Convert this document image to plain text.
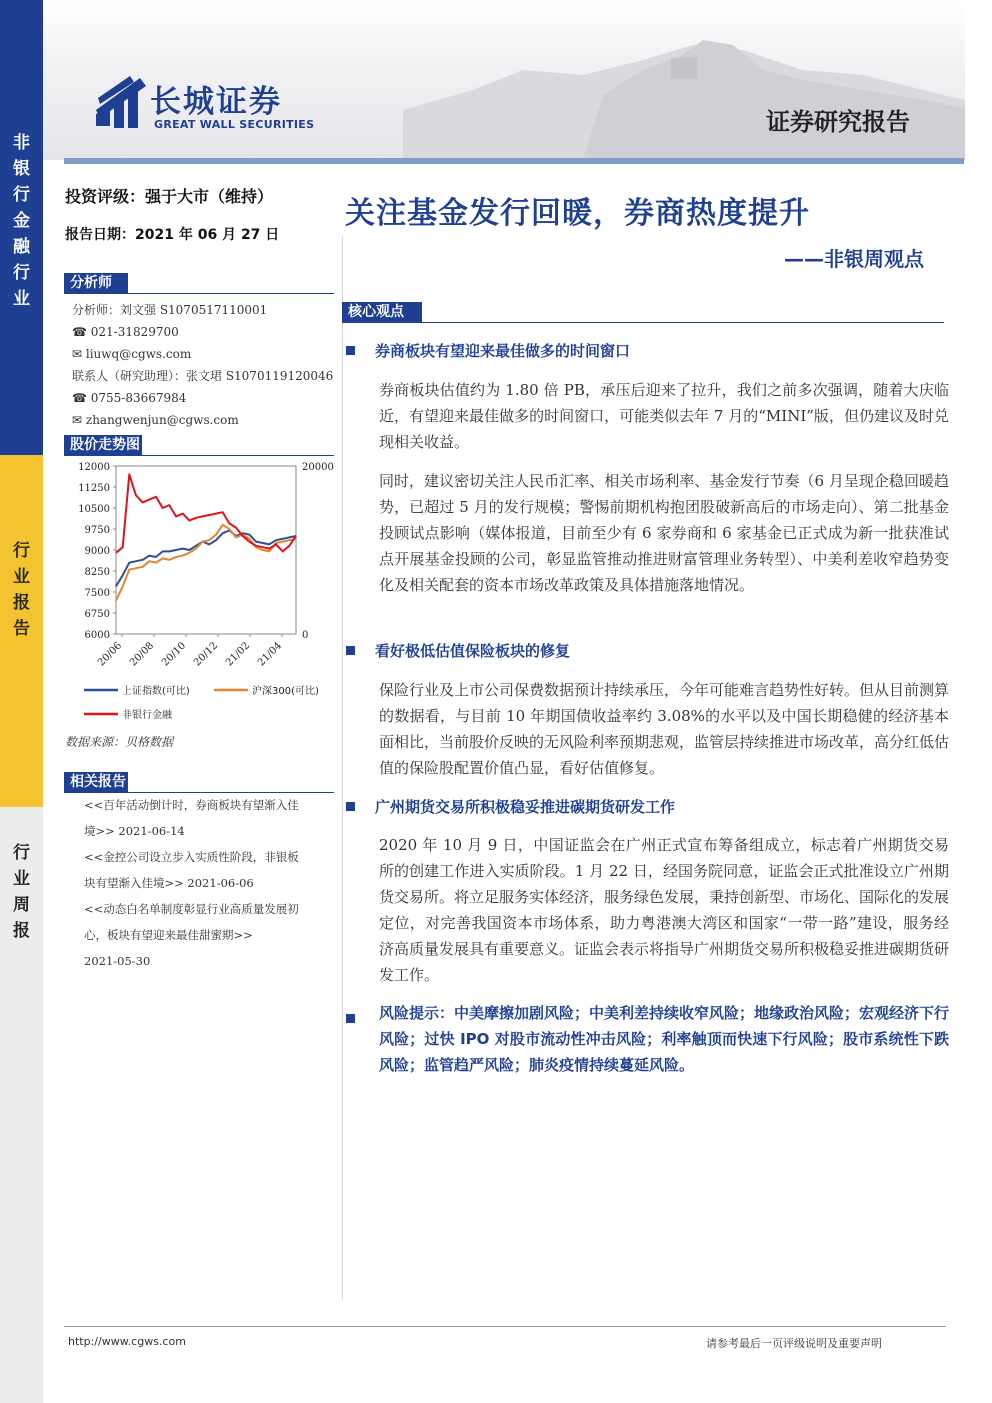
非
银
行
金
融
行
业
行
业
报
告
行
业
周
报
长城证券
GREAT WALL SECURITIES	证券研究报告
投资评级：强于大市（维持）
报告日期：2021 年 06 月 27 日
分析师
分析师：刘文强 S1070517110001
☎ 021-31829700
✉ liuwq@cgws.com
联系人（研究助理）：张文珺 S1070119120046
☎ 0755-83667984
✉ zhangwenjun@cgws.com
股价走势图
12000
11250
10500
9750
9000
8250
7500
6750
6000
20000
0
20/06 20/08 20/10 20/12 21/02 21/04
上证指数(可比)	沪深300(可比)
非银行金融
数据来源：贝格数据
相关报告
<<百年活动倒计时，券商板块有望渐入佳
境>> 2021-06-14
<<金控公司设立步入实质性阶段，非银板
块有望渐入佳境>> 2021-06-06
<<动态白名单制度彰显行业高质量发展初
心，板块有望迎来最佳甜蜜期>>
2021-05-30
关注基金发行回暖，券商热度提升
——非银周观点
核心观点
券商板块有望迎来最佳做多的时间窗口
券商板块估值约为 1.80 倍 PB，承压后迎来了拉升，我们之前多次强调，随着大庆临近，有望迎来最佳做多的时间窗口，可能类似去年 7 月的“MINI”版，但仍建议及时兑现相关收益。
同时，建议密切关注人民币汇率、相关市场利率、基金发行节奏（6 月呈现企稳回暖趋势，已超过 5 月的发行规模；警惕前期机构抱团股破新高后的市场走向）、第二批基金投顾试点影响（媒体报道，目前至少有 6 家券商和 6 家基金已正式成为新一批获准试点开展基金投顾的公司，彰显监管推动推进财富管理业务转型）、中美利差收窄趋势变化及相关配套的资本市场改革政策及具体措施落地情况。
看好极低估值保险板块的修复
保险行业及上市公司保费数据预计持续承压，今年可能难言趋势性好转。但从目前测算的数据看，与目前 10 年期国债收益率约 3.08%的水平以及中国长期稳健的经济基本面相比，当前股价反映的无风险利率预期悲观，监管层持续推进市场改革，高分红低估值的保险股配置价值凸显，看好估值修复。
广州期货交易所积极稳妥推进碳期货研发工作
2020 年 10 月 9 日，中国证监会在广州正式宣布筹备组成立，标志着广州期货交易所的创建工作进入实质阶段。1 月 22 日，经国务院同意，证监会正式批准设立广州期货交易所。将立足服务实体经济，服务绿色发展，秉持创新型、市场化、国际化的发展定位，对完善我国资本市场体系，助力粤港澳大湾区和国家“一带一路”建设，服务经济高质量发展具有重要意义。证监会表示将指导广州期货交易所积极稳妥推进碳期货研发工作。
风险提示：中美摩擦加剧风险；中美利差持续收窄风险；地缘政治风险；宏观经济下行风险；过快 IPO 对股市流动性冲击风险；利率触顶而快速下行风险；股市系统性下跌风险；监管趋严风险；肺炎疫情持续蔓延风险。
http://www.cgws.com	请参考最后一页评级说明及重要声明
